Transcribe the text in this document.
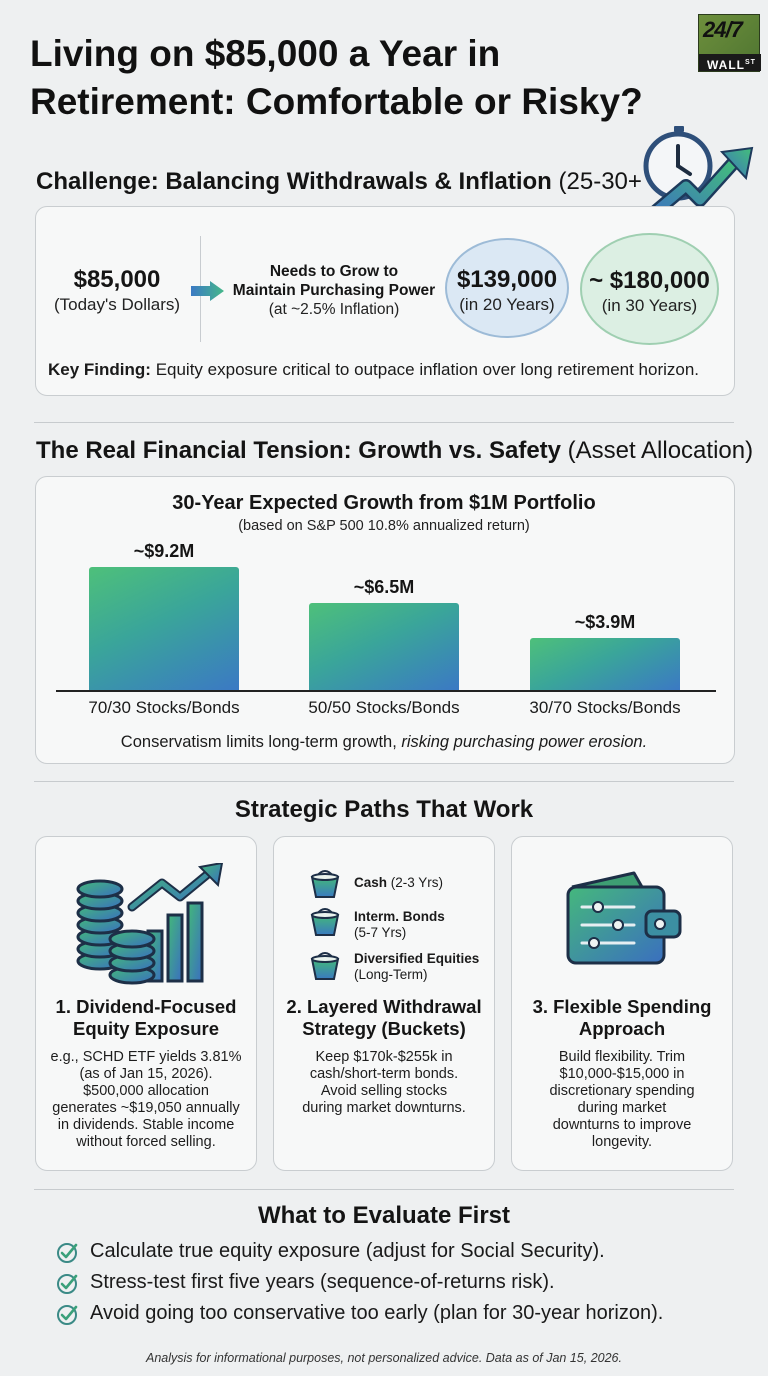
Living on $85,000 a Year in
Retirement: Comfortable or Risky?
24/7
$WALL^{ST}$
Challenge: Balancing Withdrawals & Inflation (25-30+
$85,000
(Today's Dollars)
Needs to Grow to
Maintain Purchasing Power
(at ~2.5% Inflation)
$139,000
(in 20 Years)
~ $180,000
(in 30 Years)
Key Finding: Equity exposure critical to outpace inflation over long retirement horizon.
The Real Financial Tension: Growth vs. Safety (Asset Allocation)
30-Year Expected Growth from $1M Portfolio
(based on S&P 500 10.8% annualized return)
~$9.2M
70/30 Stocks/Bonds
~$6.5M
50/50 Stocks/Bonds
~$3.9M
30/70 Stocks/Bonds
Conservatism limits long-term growth, risking purchasing power erosion.
Strategic Paths That Work
1. Dividend-Focused
Equity Exposure
e.g., SCHD ETF yields 3.81%
(as of Jan 15, 2026).
$500,000 allocation
generates ~$19,050 annually
in dividends. Stable income
without forced selling.
Cash (2-3 Yrs)
Interm. Bonds
(5-7 Yrs)
Diversified Equities
(Long-Term)
2. Layered Withdrawal
Strategy (Buckets)
Keep $170k-$255k in
cash/short-term bonds.
Avoid selling stocks
during market downturns.
3. Flexible Spending
Approach
Build flexibility. Trim
$10,000-$15,000 in
discretionary spending
during market
downturns to improve
longevity.
What to Evaluate First
Calculate true equity exposure (adjust for Social Security).
Stress-test first five years (sequence-of-returns risk).
Avoid going too conservative too early (plan for 30-year horizon).
Analysis for informational purposes, not personalized advice. Data as of Jan 15, 2026.
